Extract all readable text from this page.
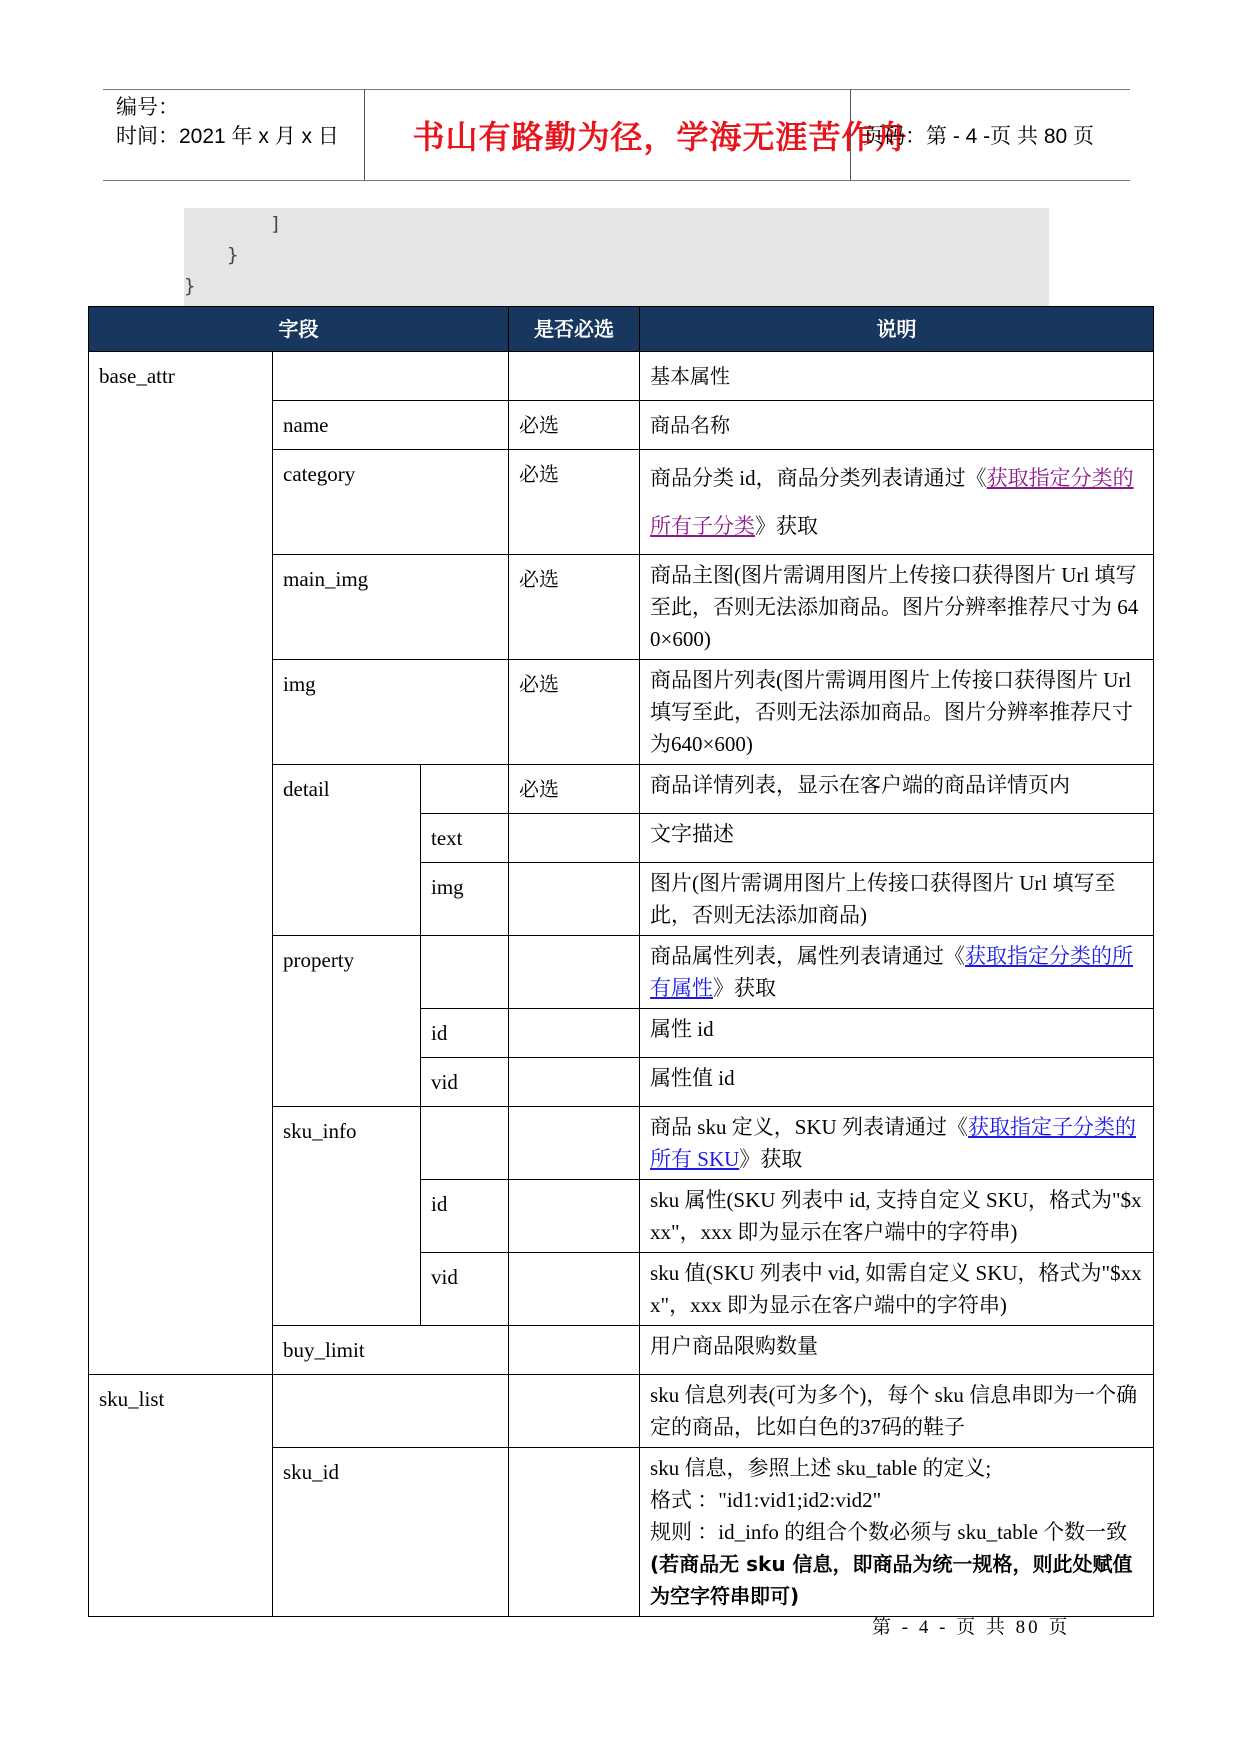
编号：
时间：2021 年 x 月 x 日	书山有路勤为径，学海无涯苦作舟
页码：第 - 4 -页 共 80 页
]
}
}
字段			是否必选	说明
base_attr				基本属性
	name		必选	商品名称
	category		必选	商品分类 id，商品分类列表请通过《获取指定分类的所有子分类》获取
	main_img		必选	商品主图(图片需调用图片上传接口获得图片 Url 填写至此，否则无法添加商品。图片分辨率推荐尺寸为 640×600)
	img		必选	商品图片列表(图片需调用图片上传接口获得图片 Url 填写至此，否则无法添加商品。图片分辨率推荐尺寸为640×600)
	detail		必选	商品详情列表，显示在客户端的商品详情页内
		text		文字描述
		img		图片(图片需调用图片上传接口获得图片 Url 填写至此，否则无法添加商品)
	property			商品属性列表，属性列表请通过《获取指定分类的所有属性》获取
		id		属性 id
		vid		属性值 id
	sku_info			商品 sku 定义，SKU 列表请通过《获取指定子分类的所有 SKU》获取
		id		sku 属性(SKU 列表中 id, 支持自定义 SKU，格式为"$xxx"，xxx 即为显示在客户端中的字符串)
		vid		sku 值(SKU 列表中 vid, 如需自定义 SKU，格式为"$xxx"，xxx 即为显示在客户端中的字符串)
	buy_limit			用户商品限购数量
sku_list				sku 信息列表(可为多个)，每个 sku 信息串即为一个确定的商品，比如白色的37码的鞋子
	sku_id			sku 信息，参照上述 sku_table 的定义;
格式 ："id1:vid1;id2:vid2"
规则 ：id_info 的组合个数必须与 sku_table 个数一致
(若商品无 sku 信息，即商品为统一规格，则此处赋值为空字符串即可)
第 - 4 - 页 共 80 页
